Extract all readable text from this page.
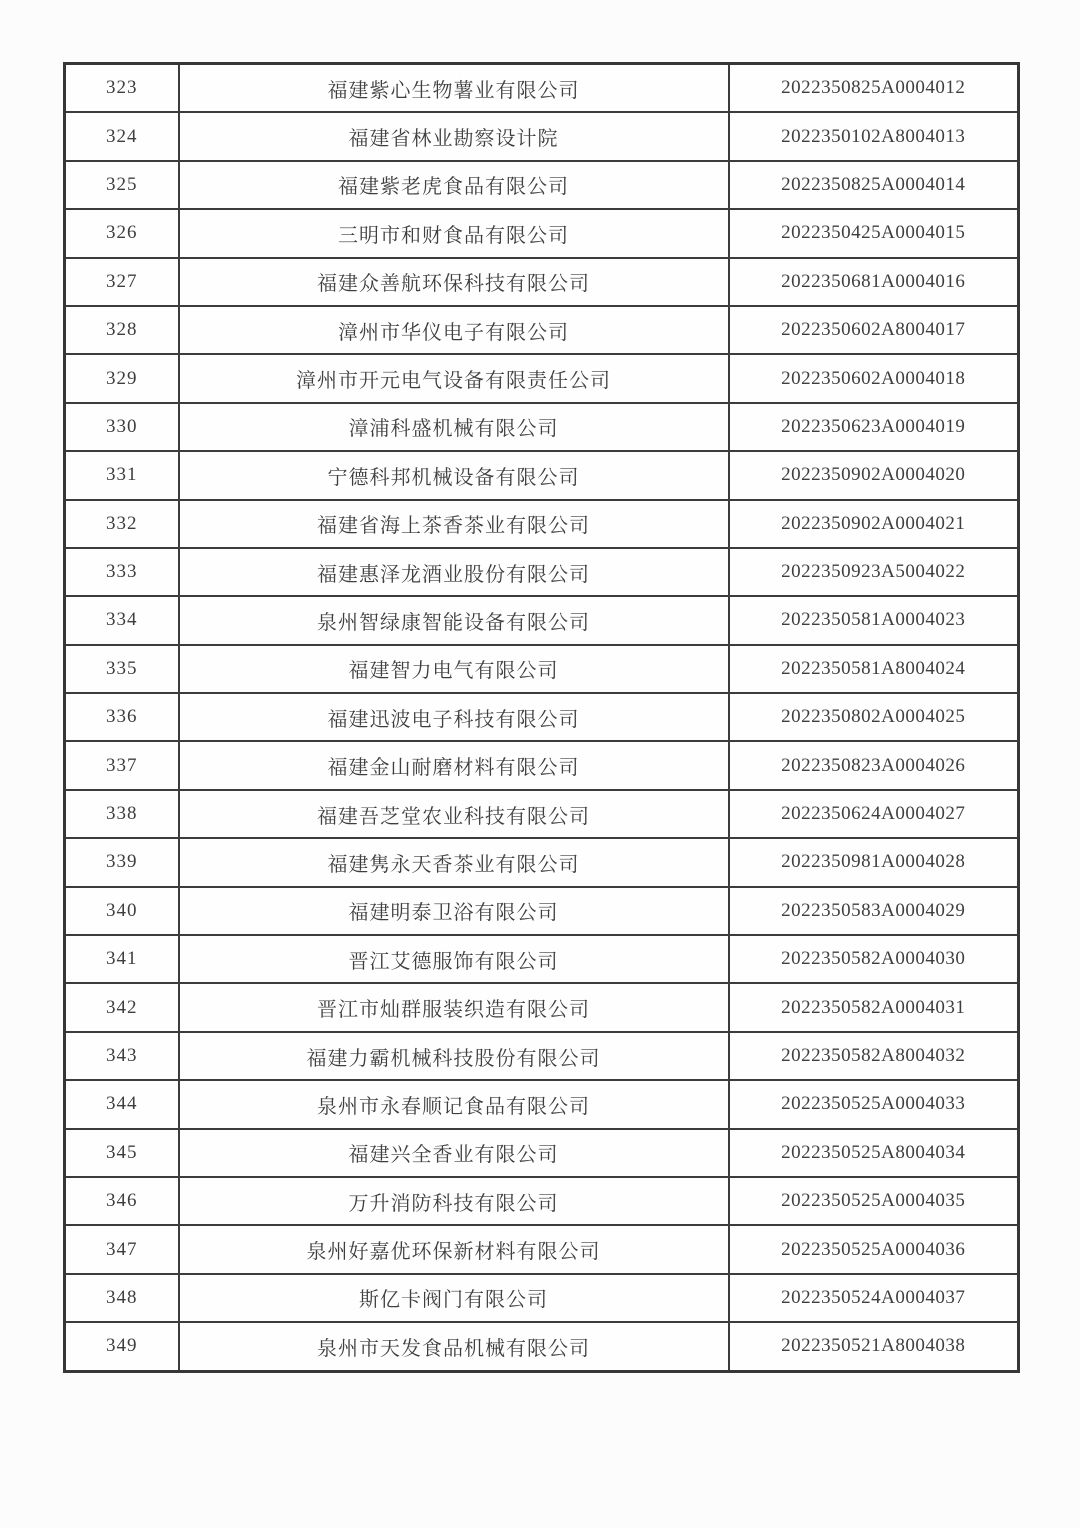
323	福建紫心生物薯业有限公司	2022350825A0004012
324	福建省林业勘察设计院	2022350102A8004013
325	福建紫老虎食品有限公司	2022350825A0004014
326	三明市和财食品有限公司	2022350425A0004015
327	福建众善航环保科技有限公司	2022350681A0004016
328	漳州市华仪电子有限公司	2022350602A8004017
329	漳州市开元电气设备有限责任公司	2022350602A0004018
330	漳浦科盛机械有限公司	2022350623A0004019
331	宁德科邦机械设备有限公司	2022350902A0004020
332	福建省海上茶香茶业有限公司	2022350902A0004021
333	福建惠泽龙酒业股份有限公司	2022350923A5004022
334	泉州智绿康智能设备有限公司	2022350581A0004023
335	福建智力电气有限公司	2022350581A8004024
336	福建迅波电子科技有限公司	2022350802A0004025
337	福建金山耐磨材料有限公司	2022350823A0004026
338	福建吾芝堂农业科技有限公司	2022350624A0004027
339	福建隽永天香茶业有限公司	2022350981A0004028
340	福建明泰卫浴有限公司	2022350583A0004029
341	晋江艾德服饰有限公司	2022350582A0004030
342	晋江市灿群服装织造有限公司	2022350582A0004031
343	福建力霸机械科技股份有限公司	2022350582A8004032
344	泉州市永春顺记食品有限公司	2022350525A0004033
345	福建兴全香业有限公司	2022350525A8004034
346	万升消防科技有限公司	2022350525A0004035
347	泉州好嘉优环保新材料有限公司	2022350525A0004036
348	斯亿卡阀门有限公司	2022350524A0004037
349	泉州市天发食品机械有限公司	2022350521A8004038
